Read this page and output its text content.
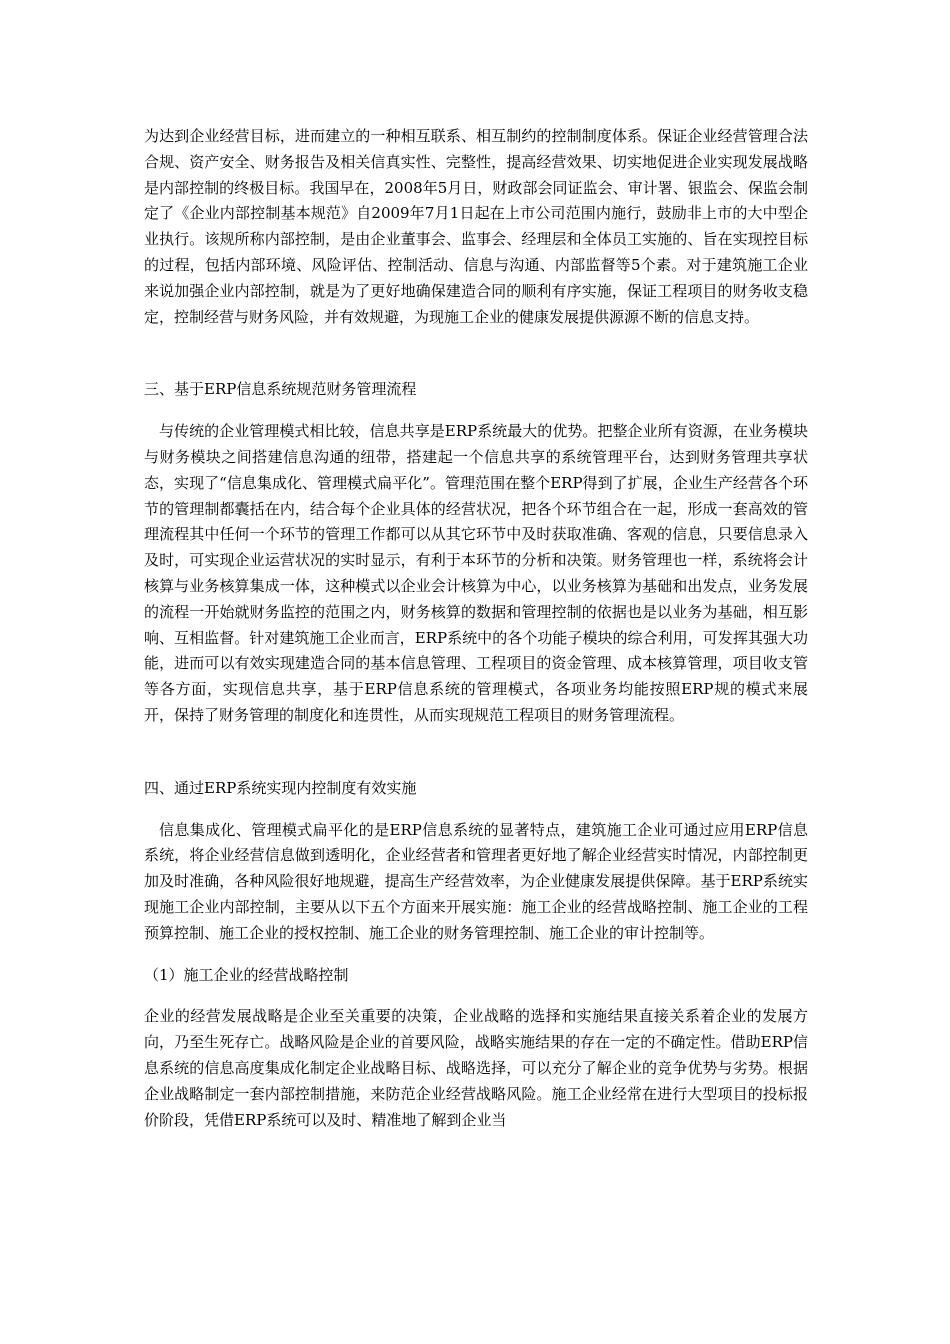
为达到企业经营目标，进而建立的一种相互联系、相互制约的控制制度体系。保证企业经营管理合法合规、资产安全、财务报告及相关信真实性、完整性，提高经营效果、切实地促进企业实现发展战略是内部控制的终极目标。我国早在，2008年5月日，财政部会同证监会、审计署、银监会、保监会制定了《企业内部控制基本规范》自2009年7月1日起在上市公司范围内施行，鼓励非上市的大中型企业执行。该规所称内部控制，是由企业董事会、监事会、经理层和全体员工实施的、旨在实现控目标的过程，包括内部环境、风险评估、控制活动、信息与沟通、内部监督等5个素。对于建筑施工企业来说加强企业内部控制，就是为了更好地确保建造合同的顺利有序实施，保证工程项目的财务收支稳定，控制经营与财务风险，并有效规避，为现施工企业的健康发展提供源源不断的信息支持。

三、基于ERP信息系统规范财务管理流程

与传统的企业管理模式相比较，信息共享是ERP系统最大的优势。把整企业所有资源，在业务模块与财务模块之间搭建信息沟通的纽带，搭建起一个信息共享的系统管理平台，达到财务管理共享状态，实现了“信息集成化、管理模式扁平化”。管理范围在整个ERP得到了扩展，企业生产经营各个环节的管理制都囊括在内，结合每个企业具体的经营状况，把各个环节组合在一起，形成一套高效的管理流程其中任何一个环节的管理工作都可以从其它环节中及时获取准确、客观的信息，只要信息录入及时，可实现企业运营状况的实时显示，有利于本环节的分析和决策。财务管理也一样，系统将会计核算与业务核算集成一体，这种模式以企业会计核算为中心，以业务核算为基础和出发点，业务发展的流程一开始就财务监控的范围之内，财务核算的数据和管理控制的依据也是以业务为基础，相互影响、互相监督。针对建筑施工企业而言，ERP系统中的各个功能子模块的综合利用，可发挥其强大功能，进而可以有效实现建造合同的基本信息管理、工程项目的资金管理、成本核算管理，项目收支管等各方面，实现信息共享，基于ERP信息系统的管理模式，各项业务均能按照ERP规的模式来展开，保持了财务管理的制度化和连贯性，从而实现规范工程项目的财务管理流程。

四、通过ERP系统实现内控制度有效实施

信息集成化、管理模式扁平化的是ERP信息系统的显著特点，建筑施工企业可通过应用ERP信息系统，将企业经营信息做到透明化，企业经营者和管理者更好地了解企业经营实时情况，内部控制更加及时准确，各种风险很好地规避，提高生产经营效率，为企业健康发展提供保障。基于ERP系统实现施工企业内部控制，主要从以下五个方面来开展实施：施工企业的经营战略控制、施工企业的工程预算控制、施工企业的授权控制、施工企业的财务管理控制、施工企业的审计控制等。

（1）施工企业的经营战略控制

企业的经营发展战略是企业至关重要的决策，企业战略的选择和实施结果直接关系着企业的发展方向，乃至生死存亡。战略风险是企业的首要风险，战略实施结果的存在一定的不确定性。借助ERP信息系统的信息高度集成化制定企业战略目标、战略选择，可以充分了解企业的竞争优势与劣势。根据企业战略制定一套内部控制措施，来防范企业经营战略风险。施工企业经常在进行大型项目的投标报价阶段，凭借ERP系统可以及时、精准地了解到企业当
